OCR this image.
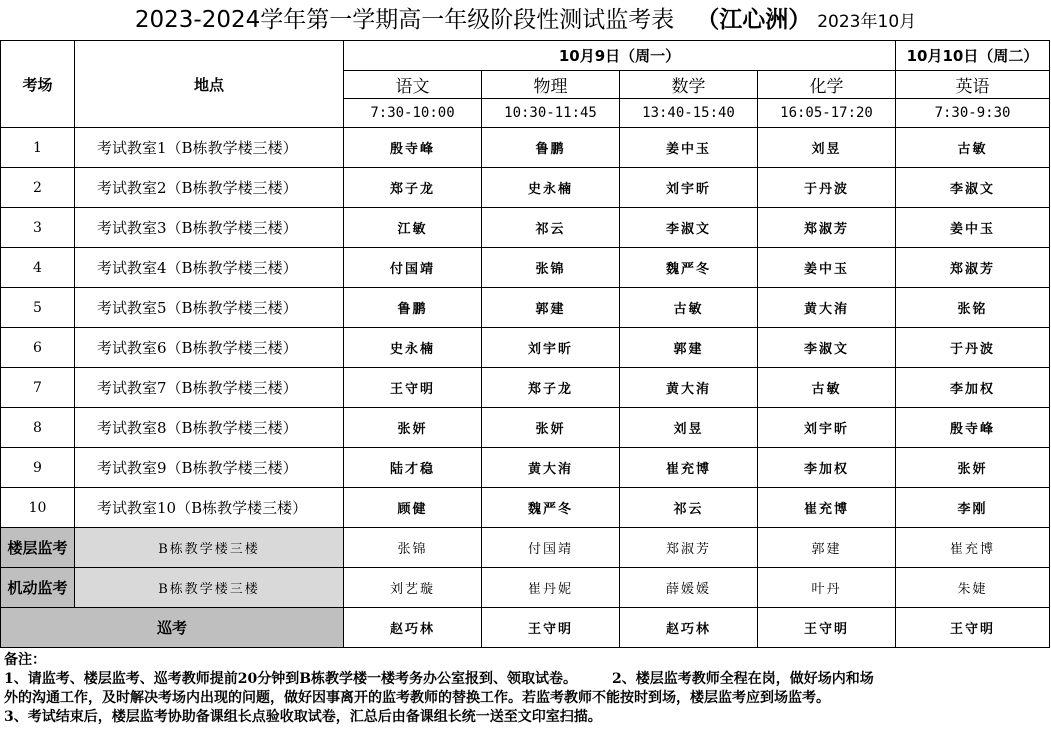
2023-2024学年第一学期高一年级阶段性测试监考表 （江心洲） 2023年10月
考场	地点	10月9日（周一）				10月10日（周二）
		语文	物理	数学	化学	英语
		7:30-10:00	10:30-11:45	13:40-15:40	16:05-17:20	7:30-9:30
1	考试教室1（B栋教学楼三楼）	殷寺峰	鲁鹏	姜中玉	刘昱	古敏
2	考试教室2（B栋教学楼三楼）	郑子龙	史永楠	刘宇昕	于丹波	李淑文
3	考试教室3（B栋教学楼三楼）	江敏	祁云	李淑文	郑淑芳	姜中玉
4	考试教室4（B栋教学楼三楼）	付国靖	张锦	魏严冬	姜中玉	郑淑芳
5	考试教室5（B栋教学楼三楼）	鲁鹏	郭建	古敏	黄大洧	张铭
6	考试教室6（B栋教学楼三楼）	史永楠	刘宇昕	郭建	李淑文	于丹波
7	考试教室7（B栋教学楼三楼）	王守明	郑子龙	黄大洧	古敏	李加权
8	考试教室8（B栋教学楼三楼）	张妍	张妍	刘昱	刘宇昕	殷寺峰
9	考试教室9（B栋教学楼三楼）	陆才稳	黄大洧	崔充博	李加权	张妍
10	考试教室10（B栋教学楼三楼）	顾健	魏严冬	祁云	崔充博	李刚
楼层监考	B栋教学楼三楼	张锦	付国靖	郑淑芳	郭建	崔充博
机动监考	B栋教学楼三楼	刘艺璇	崔丹妮	薛媛媛	叶丹	朱婕
巡考		赵巧林	王守明	赵巧林	王守明	王守明
备注：
1、请监考、楼层监考、巡考教师提前20分钟到B栋教学楼一楼考务办公室报到、领取试卷。　　　2、楼层监考教师全程在岗，做好场内和场
外的沟通工作，及时解决考场内出现的问题，做好因事离开的监考教师的替换工作。若监考教师不能按时到场，楼层监考应到场监考。
3、考试结束后，楼层监考协助备课组长点验收取试卷，汇总后由备课组长统一送至文印室扫描。
